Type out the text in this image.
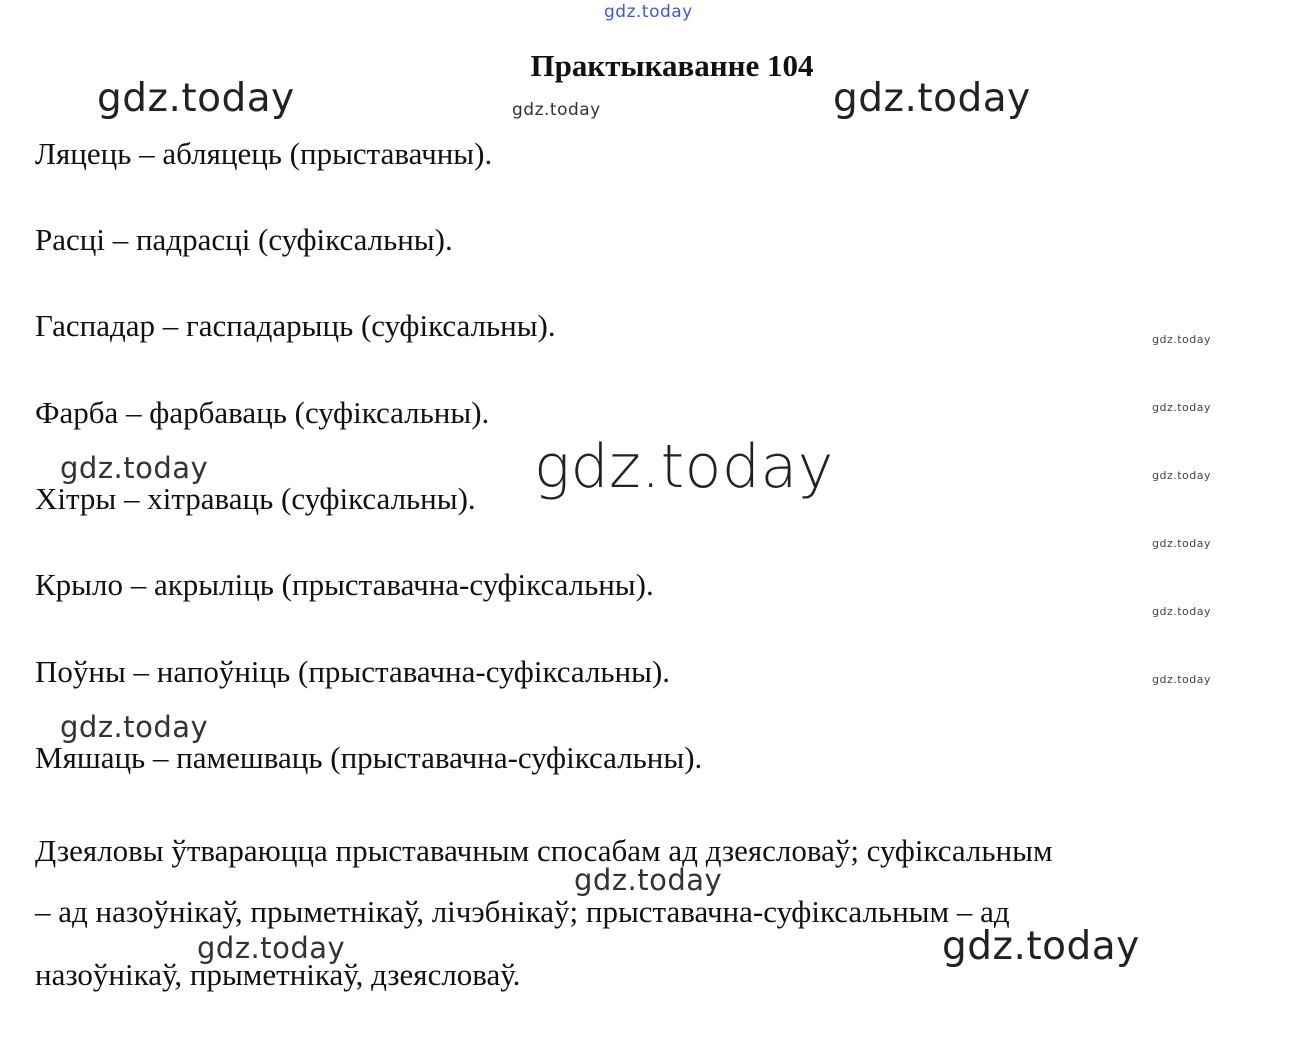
gdz.today
Практыкаванне 104
gdz.today	gdz.today	gdz.today
Ляцець – абляцець (прыставачны).
Расці – падрасці (суфіксальны).
Гаспадар – гаспадарыць (суфіксальны).
Фарба – фарбаваць (суфіксальны).
Хітры – хітраваць (суфіксальны).
Крыло – акрыліць (прыставачна-суфіксальны).
Поўны – напоўніць (прыставачна-суфіксальны).
Мяшаць – памешваць (прыставачна-суфіксальны).
Дзеяловы ўтвараюцца прыставачным спосабам ад дзеясловаў; суфіксальным
– ад назоўнікаў, прыметнікаў, лічэбнікаў; прыставачна-суфіксальным – ад
назоўнікаў, прыметнікаў, дзеясловаў.
gdz.today
gdz.today
gdz.today
gdz.today
gdz.today
gdz.today
gdz.today	gdz.today
gdz.today
gdz.today
gdz.today	gdz.today
